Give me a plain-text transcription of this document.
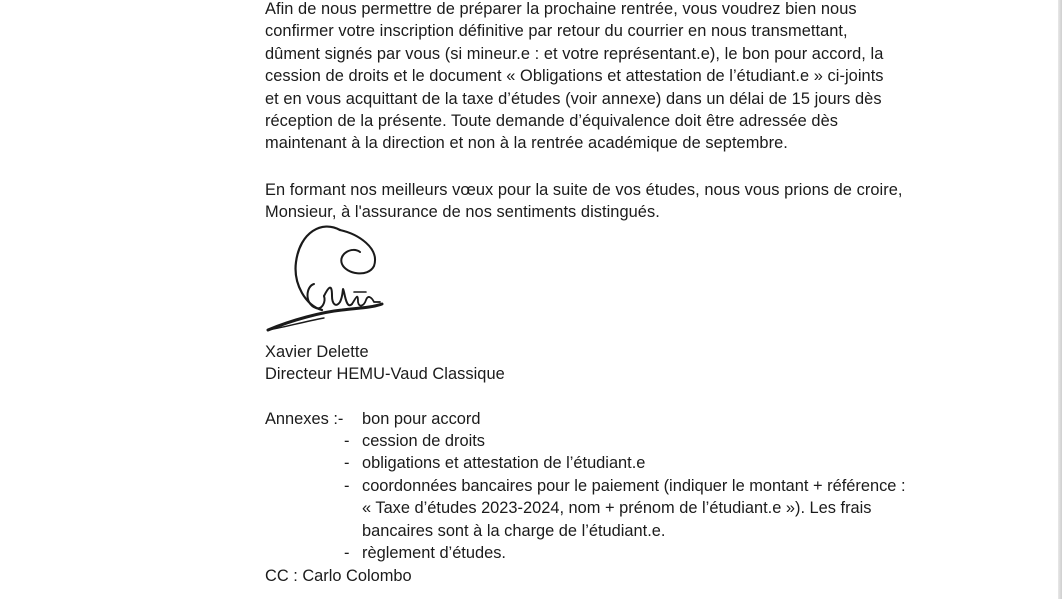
Afin de nous permettre de préparer la prochaine rentrée, vous voudrez bien nous
confirmer votre inscription définitive par retour du courrier en nous transmettant,
dûment signés par vous (si mineur.e : et votre représentant.e), le bon pour accord, la
cession de droits et le document « Obligations et attestation de l’étudiant.e » ci-joints
et en vous acquittant de la taxe d’études (voir annexe) dans un délai de 15 jours dès
réception de la présente. Toute demande d’équivalence doit être adressée dès
maintenant à la direction et non à la rentrée académique de septembre.
En formant nos meilleurs vœux pour la suite de vos études, nous vous prions de croire,
Monsieur, à l'assurance de nos sentiments distingués.
Xavier Delette
Directeur HEMU-Vaud Classique
Annexes :- bon pour accord
- cession de droits
- obligations et attestation de l’étudiant.e
- coordonnées bancaires pour le paiement (indiquer le montant + référence :
« Taxe d’études 2023-2024, nom + prénom de l’étudiant.e »). Les frais
bancaires sont à la charge de l’étudiant.e.
- règlement d’études.
CC : Carlo Colombo
